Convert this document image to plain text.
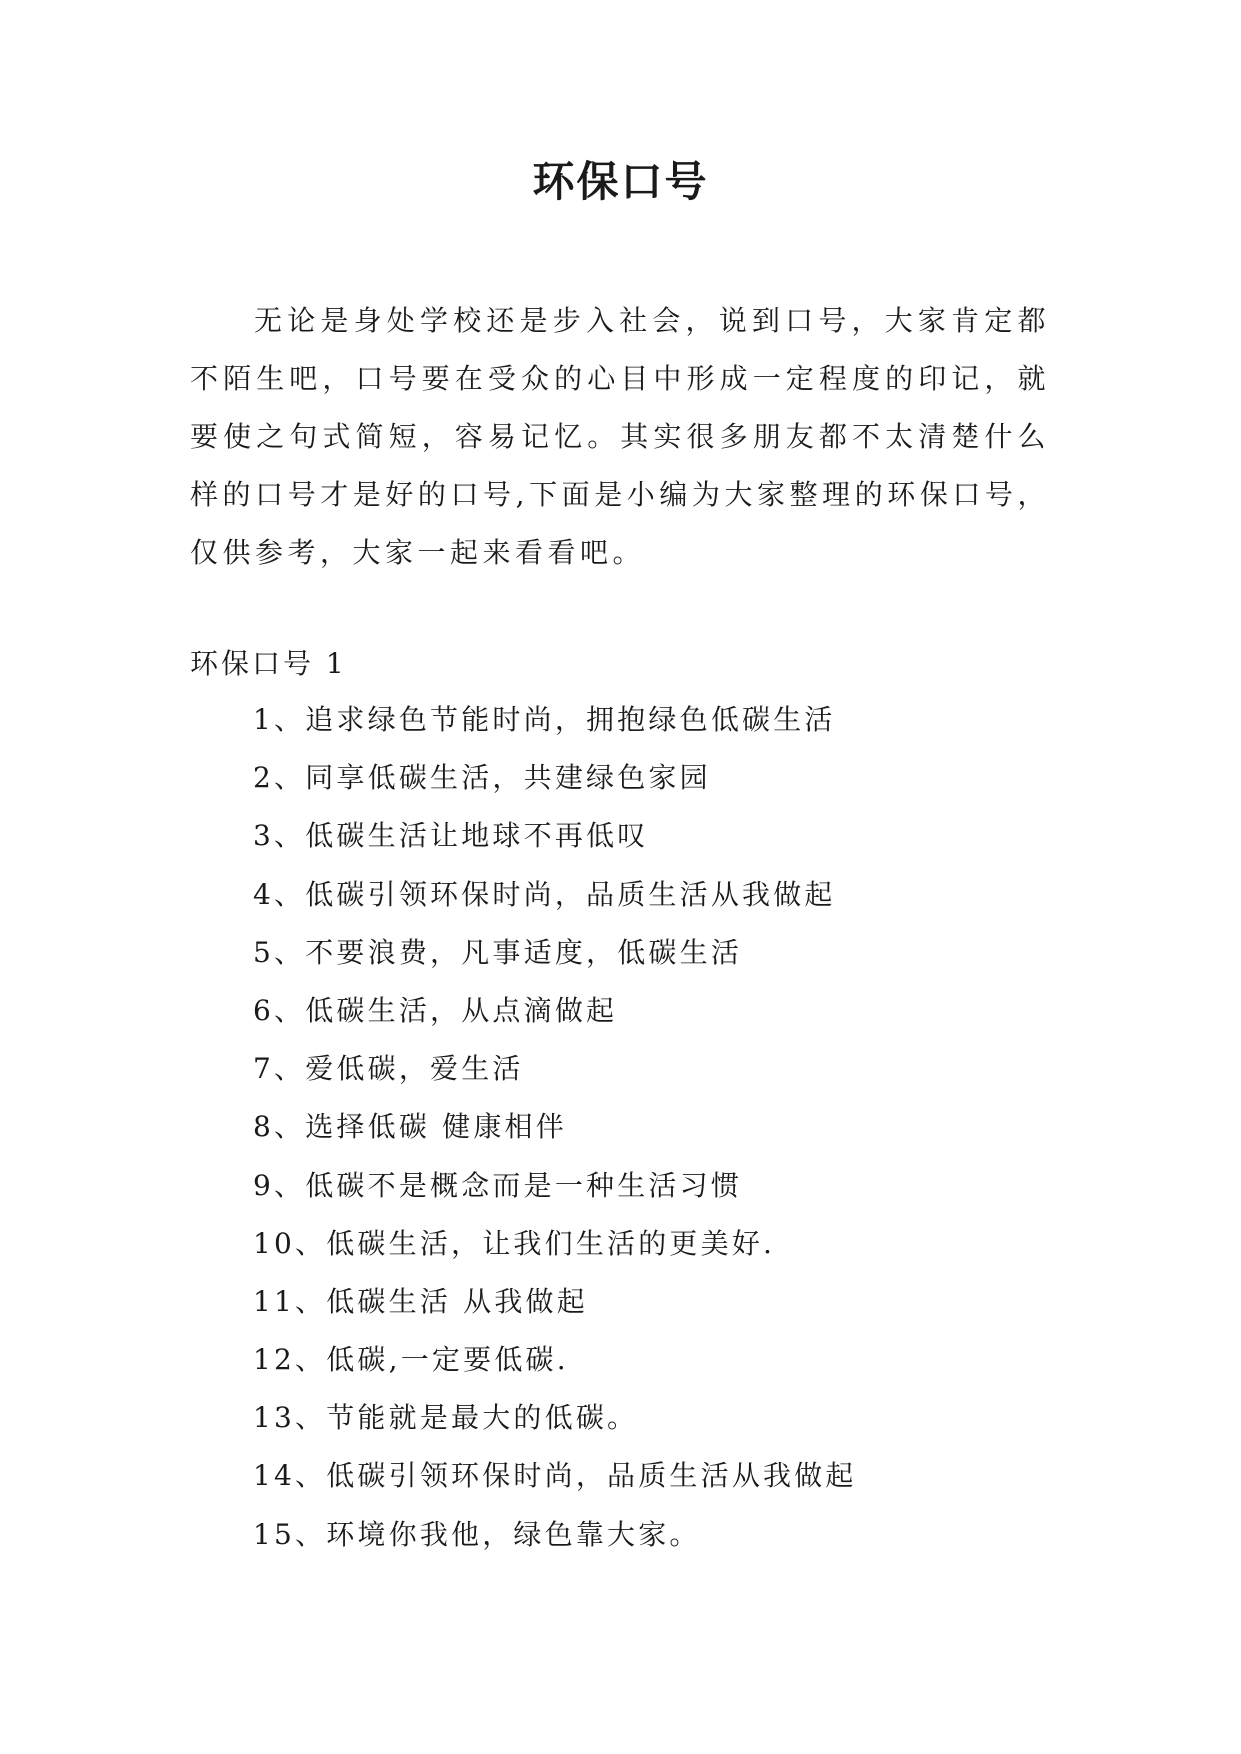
环保口号

无论是身处学校还是步入社会，说到口号，大家肯定都不陌生吧，口号要在受众的心目中形成一定程度的印记，就要使之句式简短，容易记忆。其实很多朋友都不太清楚什么样的口号才是好的口号,下面是小编为大家整理的环保口号，仅供参考，大家一起来看看吧。

环保口号 1

1、追求绿色节能时尚，拥抱绿色低碳生活
2、同享低碳生活，共建绿色家园
3、低碳生活让地球不再低叹
4、低碳引领环保时尚，品质生活从我做起
5、不要浪费，凡事适度，低碳生活
6、低碳生活，从点滴做起
7、爱低碳，爱生活
8、选择低碳 健康相伴
9、低碳不是概念而是一种生活习惯
10、低碳生活，让我们生活的更美好.
11、低碳生活 从我做起
12、低碳,一定要低碳.
13、节能就是最大的低碳。
14、低碳引领环保时尚，品质生活从我做起
15、环境你我他，绿色靠大家。
